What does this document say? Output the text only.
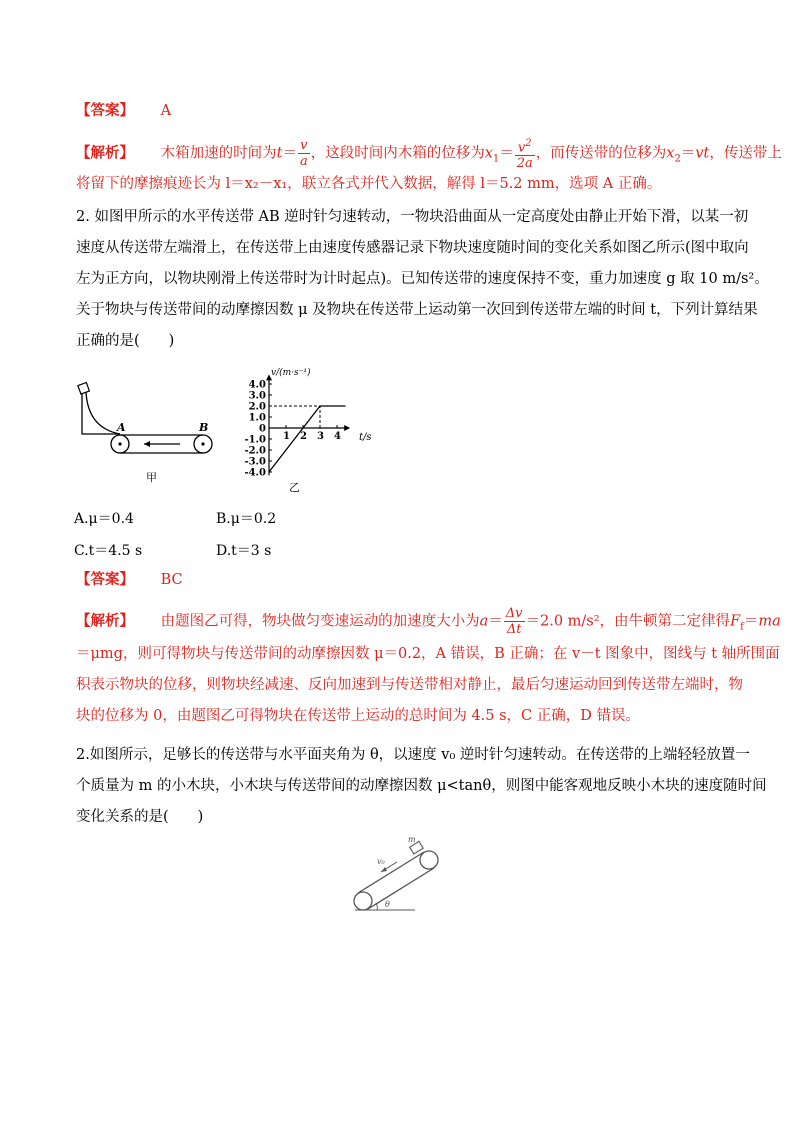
【答案】 A
【解析】 木箱加速的时间为$t= \frac{v}{a}$ ，这段时间内木箱的位移为$x_1= \frac{v^2}{2a}$ ，而传送带的位移为$x_2=vt$，传送带上
将留下的摩擦痕迹长为 l＝x₂－x₁，联立各式并代入数据，解得 l＝5.2 mm，选项 A 正确。
2. 如图甲所示的水平传送带 AB 逆时针匀速转动，一物块沿曲面从一定高度处由静止开始下滑，以某一初
速度从传送带左端滑上，在传送带上由速度传感器记录下物块速度随时间的变化关系如图乙所示(图中取向
左为正方向，以物块刚滑上传送带时为计时起点)。已知传送带的速度保持不变，重力加速度 g 取 10 m/s²。
关于物块与传送带间的动摩擦因数 μ 及物块在传送带上运动第一次回到传送带左端的时间 t，下列计算结果
正确的是(　　)
A	B
甲
4.0
3.0
2.0
1.0
0
-1.0
-2.0
-3.0
-4.0
1 2 3 4
v/(m·s⁻¹)
t/s
乙
A.μ＝0.4	B.μ＝0.2
C.t＝4.5 s	D.t＝3 s
【答案】 BC
【解析】 由题图乙可得，物块做匀变速运动的加速度大小为$a= \frac{\Delta v}{\Delta t} =2.0$ m/s²，由牛顿第二定律得$F_f=ma$
＝μmg，则可得物块与传送带间的动摩擦因数 μ＝0.2，A 错误，B 正确；在 v－t 图象中，图线与 t 轴所围面
积表示物块的位移，则物块经减速、反向加速到与传送带相对静止，最后匀速运动回到传送带左端时，物
块的位移为 0，由题图乙可得物块在传送带上运动的总时间为 4.5 s，C 正确，D 错误。
2.如图所示，足够长的传送带与水平面夹角为 θ，以速度 v₀ 逆时针匀速转动。在传送带的上端轻轻放置一
个质量为 m 的小木块，小木块与传送带间的动摩擦因数 μ<tanθ，则图中能客观地反映小木块的速度随时间
变化关系的是(　　)
m
v₀
θ
